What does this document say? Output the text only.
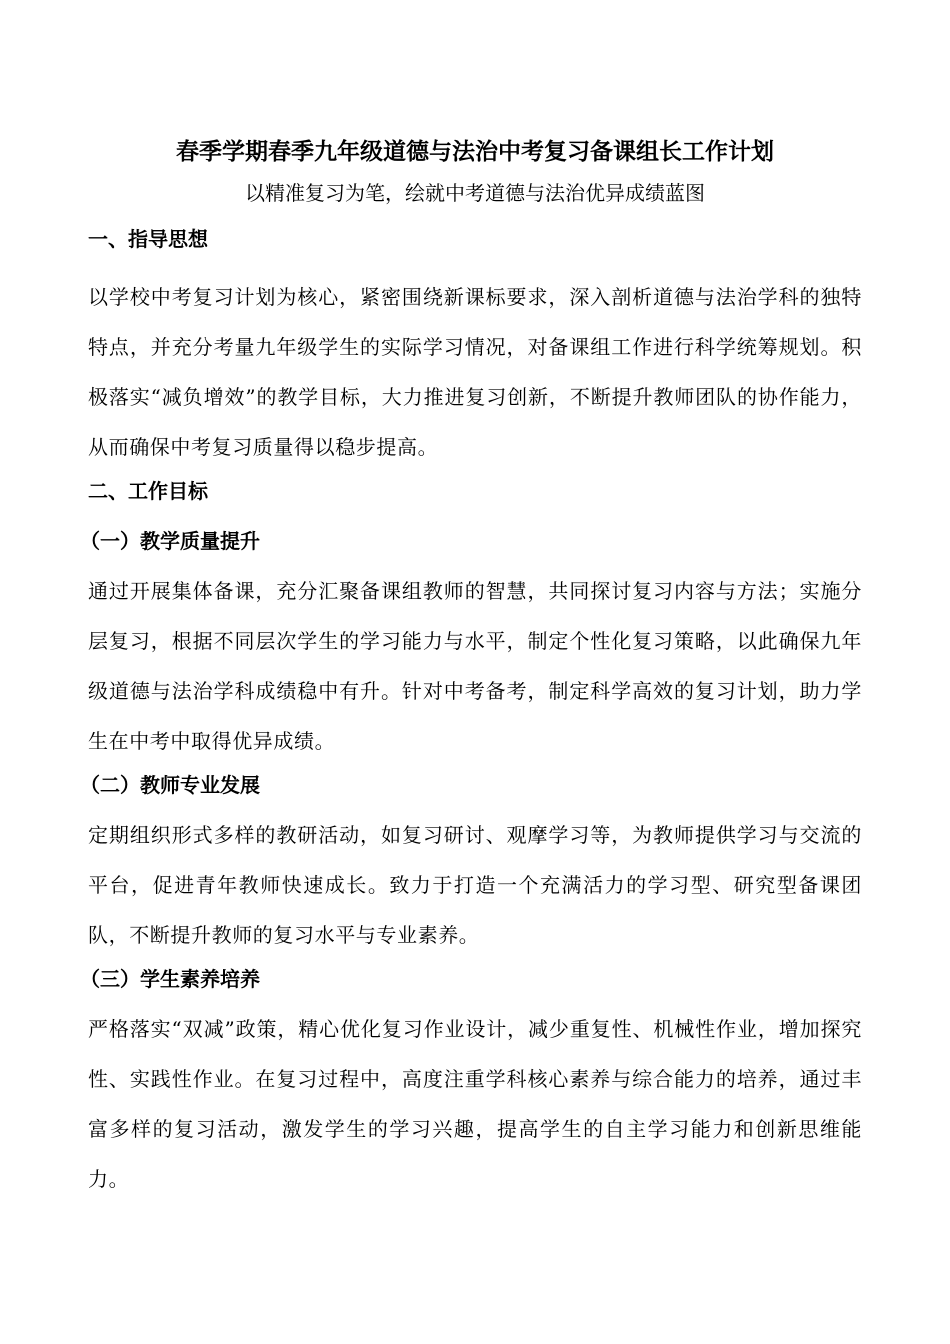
春季学期春季九年级道德与法治中考复习备课组长工作计划
以精准复习为笔，绘就中考道德与法治优异成绩蓝图
一、指导思想

以学校中考复习计划为核心，紧密围绕新课标要求，深入剖析道德与法治学科的独特特点，并充分考量九年级学生的实际学习情况，对备课组工作进行科学统筹规划。积极落实“减负增效”的教学目标，大力推进复习创新，不断提升教师团队的协作能力，从而确保中考复习质量得以稳步提高。

二、工作目标
（一）教学质量提升

通过开展集体备课，充分汇聚备课组教师的智慧，共同探讨复习内容与方法；实施分层复习，根据不同层次学生的学习能力与水平，制定个性化复习策略，以此确保九年级道德与法治学科成绩稳中有升。针对中考备考，制定科学高效的复习计划，助力学生在中考中取得优异成绩。

（二）教师专业发展

定期组织形式多样的教研活动，如复习研讨、观摩学习等，为教师提供学习与交流的平台，促进青年教师快速成长。致力于打造一个充满活力的学习型、研究型备课团队，不断提升教师的复习水平与专业素养。

（三）学生素养培养

严格落实“双减”政策，精心优化复习作业设计，减少重复性、机械性作业，增加探究性、实践性作业。在复习过程中，高度注重学科核心素养与综合能力的培养，通过丰富多样的复习活动，激发学生的学习兴趣，提高学生的自主学习能力和创新思维能力。
